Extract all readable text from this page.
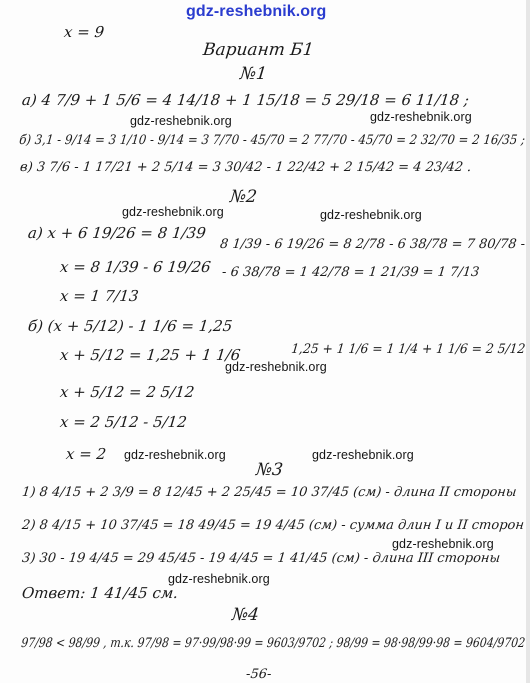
gdz-reshebnik.org
x = 9
Вариант Б1
№1
a) 4 7/9 + 1 5/6 = 4 14/18 + 1 15/18 = 5 29/18 = 6 11/18 ;
gdz-reshebnik.org
gdz-reshebnik.org
б) 3,1 - 9/14 = 3 1/10 - 9/14 = 3 7/70 - 45/70 = 2 77/70 - 45/70 = 2 32/70 = 2 16/35 ;
в) 3 7/6 - 1 17/21 + 2 5/14 = 3 30/42 - 1 22/42 + 2 15/42 = 4 23/42 .
№2
gdz-reshebnik.org	gdz-reshebnik.org
a) x + 6 19/26 = 8 1/39
8 1/39 - 6 19/26 = 8 2/78 - 6 38/78 = 7 80/78 -
x = 8 1/39 - 6 19/26 - 6 38/78 = 1 42/78 = 1 21/39 = 1 7/13
x = 1 7/13
б) (x + 5/12) - 1 1/6 = 1,25
1,25 + 1 1/6 = 1 1/4 + 1 1/6 = 2 5/12
x + 5/12 = 1,25 + 1 1/6
gdz-reshebnik.org
x + 5/12 = 2 5/12
x = 2 5/12 - 5/12
x = 2 gdz-reshebnik.org	gdz-reshebnik.org
№3
1) 8 4/15 + 2 3/9 = 8 12/45 + 2 25/45 = 10 37/45 (см) - длина II стороны
2) 8 4/15 + 10 37/45 = 18 49/45 = 19 4/45 (см) - сумма длин I и II сторон
gdz-reshebnik.org
3) 30 - 19 4/45 = 29 45/45 - 19 4/45 = 1 41/45 (см) - длина III стороны
gdz-reshebnik.org
Ответ: 1 41/45 см.
№4
97/98 < 98/99 , т.к. 97/98 = 97·99/98·99 = 9603/9702 ; 98/99 = 98·98/99·98 = 9604/9702
-56-
